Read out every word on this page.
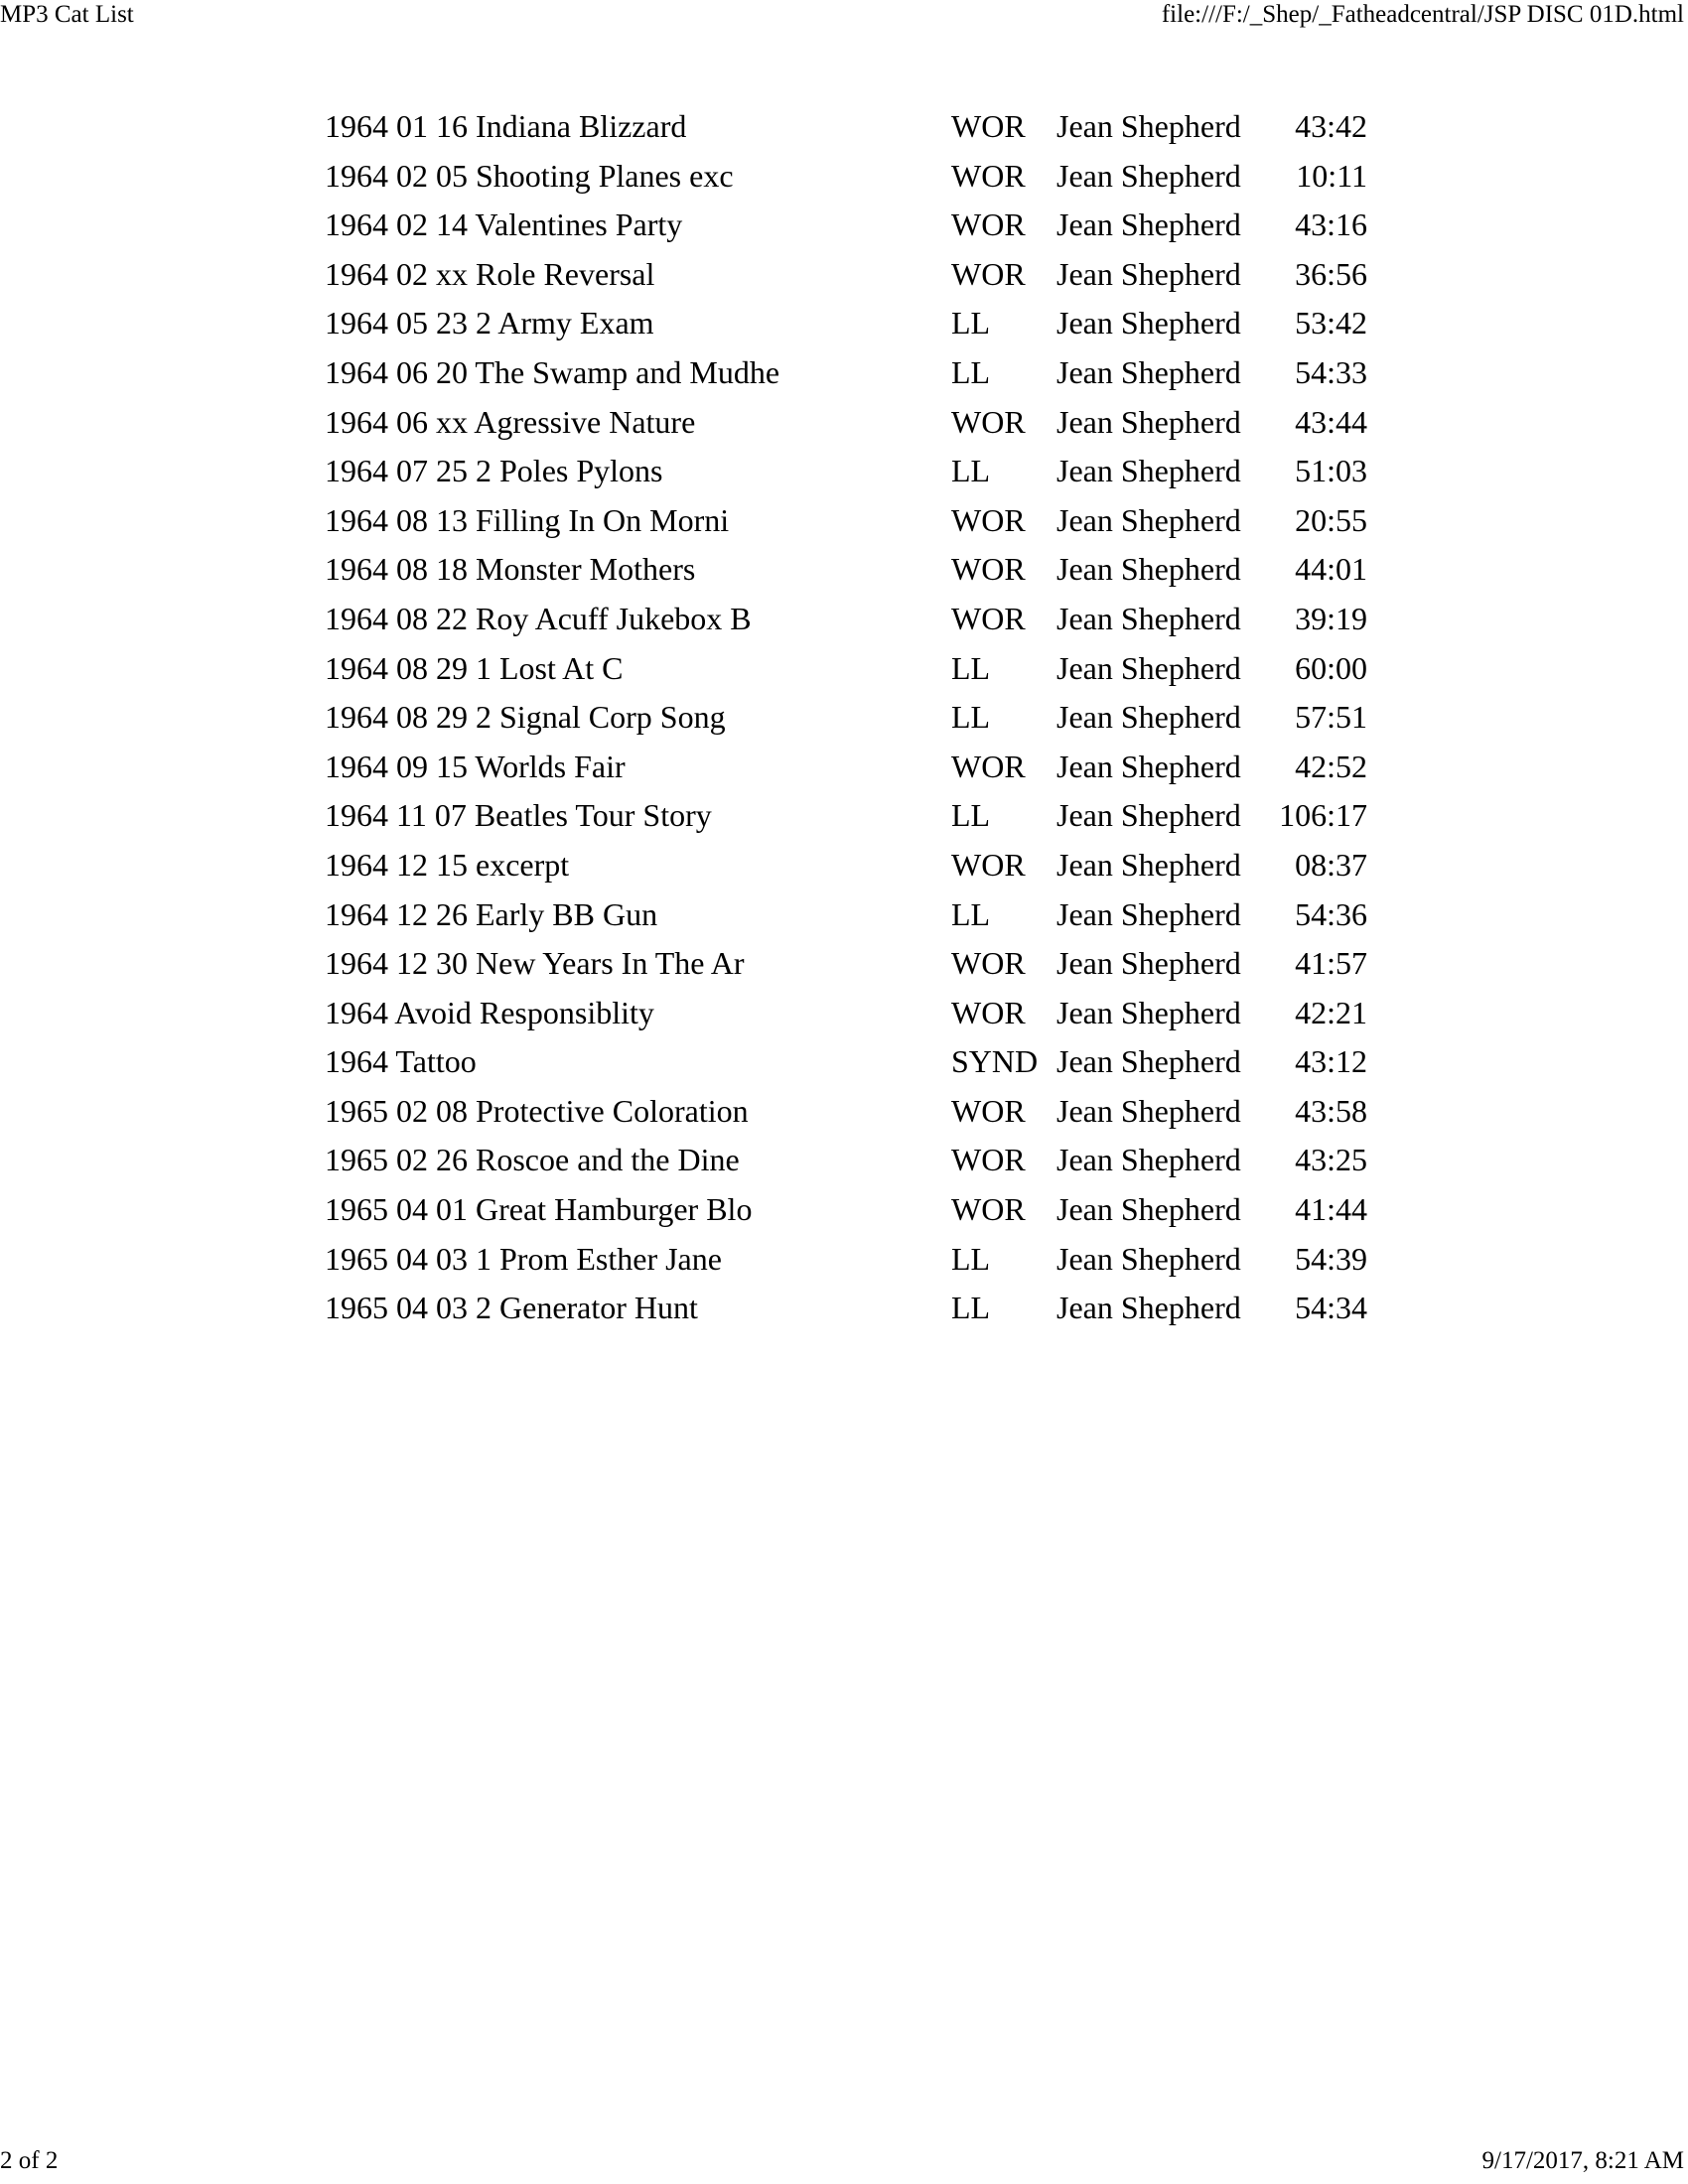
MP3 Cat List	file:///F:/_Shep/_Fatheadcentral/JSP DISC 01D.html
1964 01 16 Indiana Blizzard	WOR Jean Shepherd 43:42
1964 02 05 Shooting Planes exc	WOR Jean Shepherd 10:11
1964 02 14 Valentines Party	WOR Jean Shepherd 43:16
1964 02 xx Role Reversal	WOR Jean Shepherd 36:56
1964 05 23 2 Army Exam	LL Jean Shepherd 53:42
1964 06 20 The Swamp and Mudhe	LL Jean Shepherd 54:33
1964 06 xx Agressive Nature	WOR Jean Shepherd 43:44
1964 07 25 2 Poles Pylons	LL Jean Shepherd 51:03
1964 08 13 Filling In On Morni	WOR Jean Shepherd 20:55
1964 08 18 Monster Mothers	WOR Jean Shepherd 44:01
1964 08 22 Roy Acuff Jukebox B	WOR Jean Shepherd 39:19
1964 08 29 1 Lost At C	LL Jean Shepherd 60:00
1964 08 29 2 Signal Corp Song	LL Jean Shepherd 57:51
1964 09 15 Worlds Fair	WOR Jean Shepherd 42:52
1964 11 07 Beatles Tour Story	LL Jean Shepherd 106:17
1964 12 15 excerpt	WOR Jean Shepherd 08:37
1964 12 26 Early BB Gun	LL Jean Shepherd 54:36
1964 12 30 New Years In The Ar	WOR Jean Shepherd 41:57
1964 Avoid Responsiblity	WOR Jean Shepherd 42:21
1964 Tattoo	SYND Jean Shepherd 43:12
1965 02 08 Protective Coloration	WOR Jean Shepherd 43:58
1965 02 26 Roscoe and the Dine	WOR Jean Shepherd 43:25
1965 04 01 Great Hamburger Blo	WOR Jean Shepherd 41:44
1965 04 03 1 Prom Esther Jane	LL Jean Shepherd 54:39
1965 04 03 2 Generator Hunt	LL Jean Shepherd 54:34
2 of 2	9/17/2017, 8:21 AM
